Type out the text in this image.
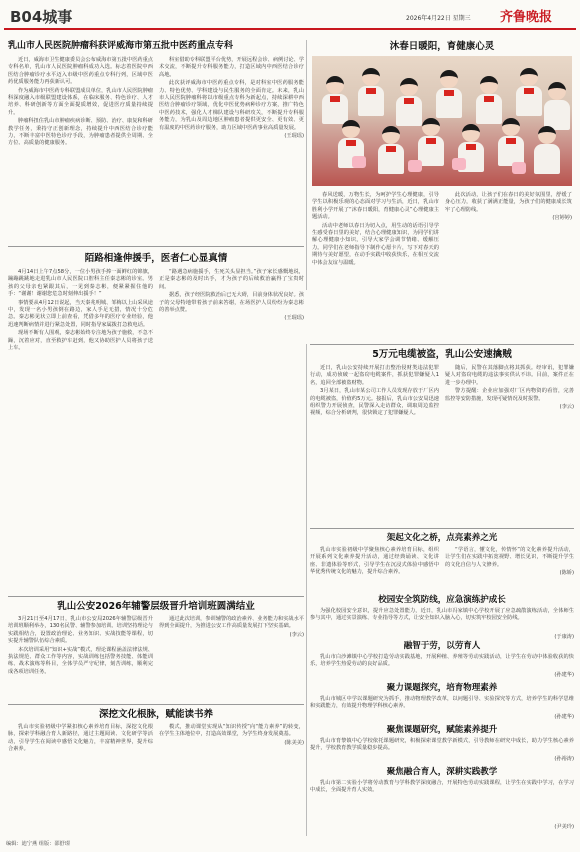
B04城事	2026年4月22日 星期三 齐鲁晚报
乳山市人民医院肿瘤科获评威海市第五批中医药重点专科

近日，威海市卫生健康委员会公布威海市第五批中医药重点专科名单，乳山市人民医院肿瘤科成功入选。标志着医院中西医结合肿瘤诊疗水平迈入市级中医药重点专科行列，区域中医药优质服务能力再获新认可。

作为威海市中医药专科联盟成员单位，乳山市人民医院肿瘤科深度融入市级联盟建设体系，在临床服务、特色诊疗、人才培养、科研创新等方面全面提质增效，促进医疗质量持续提升。

肿瘤科扭住乳山市肿瘤疾病诊断、预防、治疗、康复和科研教学任务，秉持守正创新理念，持续提升中西医结合诊疗能力，不断丰富中医特色诊疗手段，为肿瘤患者提供全周期、全方位、高质量的健康服务。

科室借助专科联盟平台优势，开展远程会诊、病例讨论、学术交流，不断提升专科服务能力，打造区域内中西医结合诊疗高地。

此次获评威海市中医药重点专科，是对科室中医药服务能力、特色优势、学科建设与民生服务的全面肯定。未来，乳山市人民医院肿瘤科将以市级重点专科为新起点，持续深耕中西医结合肿瘤诊疗领域，优化中医优势病种诊疗方案，推广特色中医药技术，强化人才梯队建设与科研攻关，不断提升专科服务能力，为乳山及周边地区肿瘤患者提供更安全、更有效、更有温度的中医药诊疗服务，助力区域中医药事业高质量发展。

(王琨瑶)
沐春日暖阳，育健康心灵

春风送暖，万物生长，为呵护学生心理健康，引导学生以积极乐观的心态面对学习与生活，近日，乳山市胜利小学开展了“沐春日暖阳，育健康心灵”心理健康主题活动。

活动中老师以春日为切入点，用生动的话语引导学生感受春日里的美好，结合心理健康知识，为同学们讲解心理健康小知识，引导大家学会调节情绪、缓解压力。同学们在老师指导下制作心愿卡片，写下对春天的期待与美好愿望，在动手实践中收获快乐，在相互交流中体会友谊与温暖。

此次活动，让孩子们在春日的美好氛围里，舒缓了身心压力，收获了满满正能量，为孩子们的健康成长筑牢了心理防线。

(宫婷婷)
陌路相逢伸援手，医者仁心显真情

4月14日上午7点58分，一位小男孩手捧一面鲜红的锦旗，蹦蹦跳跳地走进乳山市人民医院口腔科主任秦志彬的诊室。男孩的父母亲也紧跟其后，一见到秦志彬，便紧紧握住他的手：“谢谢！谢谢您危急时刻伸出援手！”

事情要从4月12日说起，当天秦兆明城、邹梅以上山采风途中，发现一名小男孩倒在路边，家人手足无措，情况十分危急。秦志彬见状立即上前查看，凭借多年的医疗专业经验，他迅速判断病情并进行紧急处置，同时指导家属拨打急救电话。

现场不断有人围观，秦志彬始终专注地为孩子施救，不急不躁，沉着应对，直至救护车赶到，他又协助医护人员将孩子送上车。

“路遇急病施援手，生死关头显担当。”孩子家长感慨地说，正是秦志彬的及时出手，才为孩子的后续救治赢得了宝贵时间。

据悉，孩子经医院救治后已无大碍，目前身体状况良好。孩子的父母特地带着孩子前来答谢，在场医护人员纷纷为秦志彬的善举点赞。

(王琨瑶)
5万元电缆被盗，乳山公安速擒贼

近日，乳山公安持续开展打击整治侵财类违法犯罪行动，成功侦破一起盗窃电缆案件，抓获犯罪嫌疑人1名，追回全部被盗财物。

3月某日，乳山市某公司工作人员发现存放于厂区内的电缆被盗，价值约5万元。接报后，乳山市公安局迅速组织警力开展侦查，民警深入走访群众，调取周边监控视频，综合分析研判，很快锁定了犯罪嫌疑人。

随后，民警在其落脚点将其抓获。经审讯，犯罪嫌疑人对盗窃电缆的违法事实供认不讳。目前，案件正在进一步办理中。

警方提醒：企业应加强对厂区内物资的看管，完善监控等安防措施，发现可疑情况及时报警。

(李云)
架起文化之桥，点亮素养之光

乳山市实验初级中学聚焦核心素养培育目标，组织开展系列文化素养提升活动，通过经典诵读、文化讲座、非遗体验等形式，引导学生在沉浸式体验中感悟中华优秀传统文化的魅力，提升综合素养。

“学语言，懂文化，传情怀”的文化素养提升活动，让学生们在实践中拓宽视野、增长见识，不断提升学生的文化自信与人文修养。

(陈娇)
校园安全筑防线，应急演练护成长

为强化校园安全意识，提升应急处置能力，近日，乳山市冯家镇中心学校开展了应急疏散演练活动，全体师生参与其中，通过实景演练、专业指导等方式，让安全知识入脑入心，切实筑牢校园安全防线。

(于康涛)
融智于劳，以劳育人

乳山市白沙滩镇中心学校打造劳动实践基地，开展种植、养殖等劳动实践活动，让学生在劳动中体验收获的快乐，培养学生热爱劳动的良好品质。

(孙建华)
聚力课题探究，培育物理素养

乳山市城区中学以课题研究为抓手，推动物理教学改革，以问题引导、实验探究等方式，培养学生的科学思维和实践能力，有效提升物理学科核心素养。

(孙建华)
聚焦课题研究，赋能素养提升

乳山市育黎镇中心学校依托课题研究，积极探索课堂教学新模式，引导教师在研究中成长，助力学生核心素养提升，学校教育教学质量稳步提高。

(孙裕涛)
聚焦融合育人，深耕实践教学

乳山市第二实验小学将劳动教育与学科教学深度融合，开展特色劳动实践课程，让学生在实践中学习，在学习中成长，全面提升育人实效。

(尹美玲)
乳山公安2026年辅警层级晋升培训班圆满结业

3月21日至4月17日，乳山市公安局2026年辅警层级晋升培训班顺利举办，130名民警、辅警参加培训。培训坚持理论与实践相结合，设置政治理论、业务知识、实战技能等课程，切实提升辅警队伍综合素质。

本次培训采用“知识+实战”模式，理论课程涵盖法律法规、执法规范、群众工作等内容，实战训练包括警务技能、体能训练、战术演练等科目，全体学员严守纪律，刻苦训练，顺利完成各项培训任务。

通过此次培训，参训辅警的政治素养、业务能力和实战水平得到全面提升，为推进公安工作高质量发展打下坚实基础。

(李云)
深挖文化根脉，赋能读书养

乳山市实验初级中学紧扣核心素养培育目标，深挖文化根脉，探索学科融合育人新路径，通过主题阅读、文化研学等活动，引导学生在阅读中感悟文化魅力，丰富精神世界，提升综合素养。

模式，推动课堂实现从“知识传授”向“能力素养”的转变，在学生主体地位中，打造高效课堂，为学生终身发展奠基。

(陈美美)
编辑：迪宁燕 组版：邵舒璟
